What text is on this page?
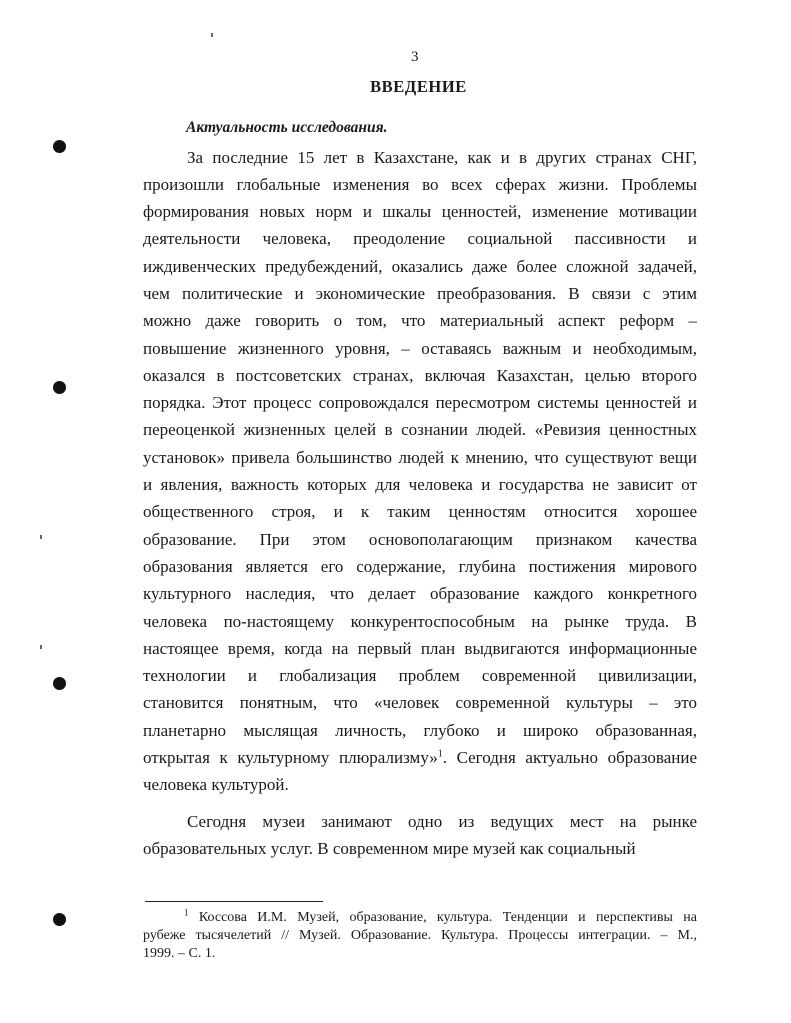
3
ВВЕДЕНИЕ
Актуальность исследования.
За последние 15 лет в Казахстане, как и в других странах СНГ,
произошли глобальные изменения во всех сферах жизни. Проблемы
формирования новых норм и шкалы ценностей, изменение мотивации
деятельности человека, преодоление социальной пассивности и
иждивенческих предубеждений, оказались даже более сложной задачей,
чем политические и экономические преобразования. В связи с этим
можно даже говорить о том, что материальный аспект реформ –
повышение жизненного уровня, – оставаясь важным и необходимым,
оказался в постсоветских странах, включая Казахстан, целью второго
порядка. Этот процесс сопровождался пересмотром системы ценностей и
переоценкой жизненных целей в сознании людей. «Ревизия ценностных
установок» привела большинство людей к мнению, что существуют вещи
и явления, важность которых для человека и государства не зависит от
общественного строя, и к таким ценностям относится хорошее
образование. При этом основополагающим признаком качества
образования является его содержание, глубина постижения мирового
культурного наследия, что делает образование каждого конкретного
человека по-настоящему конкурентоспособным на рынке труда. В
настоящее время, когда на первый план выдвигаются информационные
технологии и глобализация проблем современной цивилизации,
становится понятным, что «человек современной культуры – это
планетарно мыслящая личность, глубоко и широко образованная,
открытая к культурному плюрализму»$^1$. Сегодня актуально образование
человека культурой.
Сегодня музеи занимают одно из ведущих мест на рынке
образовательных услуг. В современном мире музей как социальный
$^1$ Коссова И.М. Музей, образование, культура. Тенденции и перспективы на
рубеже тысячелетий // Музей. Образование. Культура. Процессы интеграции. – М.,
1999. – С. 1.
